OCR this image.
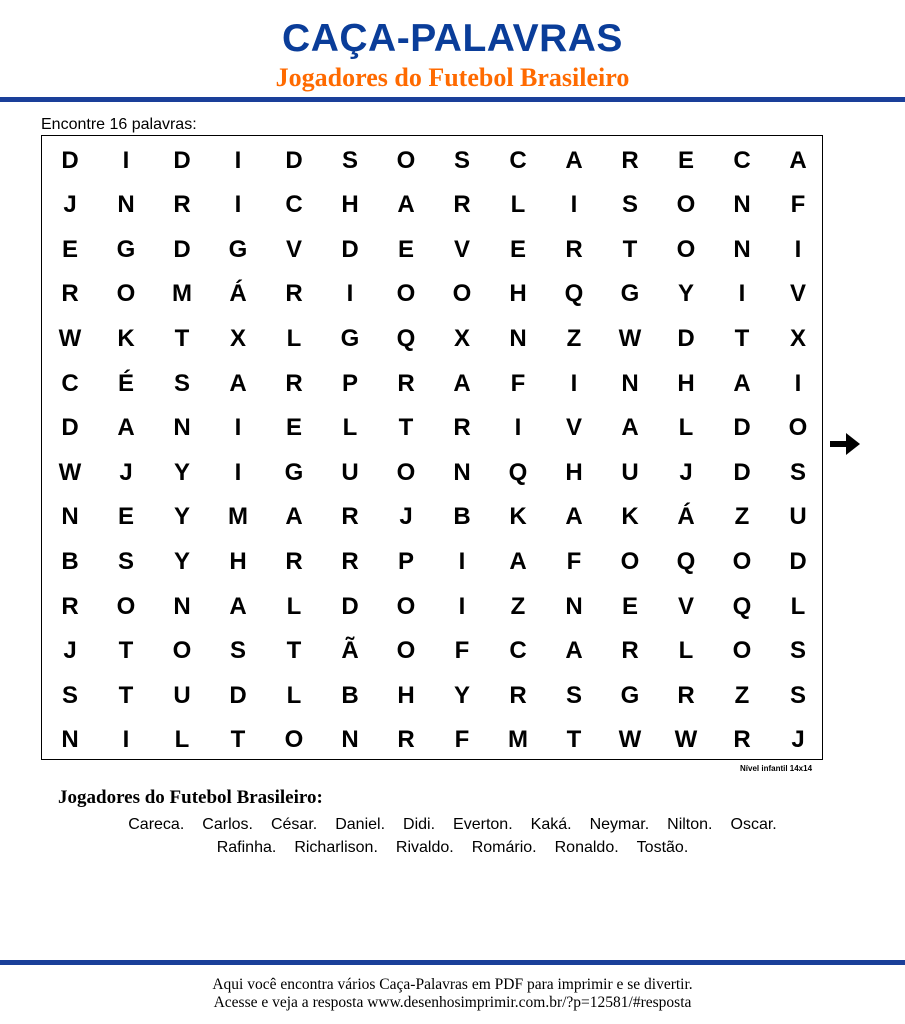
CAÇA-PALAVRAS
Jogadores do Futebol Brasileiro
Encontre 16 palavras:
D	I	D	I	D	S	O	S	C	A	R	E	C	A
J	N	R	I	C	H	A	R	L	I	S	O	N	F
E	G	D	G	V	D	E	V	E	R	T	O	N	I
R	O	M	Á	R	I	O	O	H	Q	G	Y	I	V
W	K	T	X	L	G	Q	X	N	Z	W	D	T	X
C	É	S	A	R	P	R	A	F	I	N	H	A	I
D	A	N	I	E	L	T	R	I	V	A	L	D	O
W	J	Y	I	G	U	O	N	Q	H	U	J	D	S
N	E	Y	M	A	R	J	B	K	A	K	Á	Z	U
B	S	Y	H	R	R	P	I	A	F	O	Q	O	D
R	O	N	A	L	D	O	I	Z	N	E	V	Q	L
J	T	O	S	T	Ã	O	F	C	A	R	L	O	S
S	T	U	D	L	B	H	Y	R	S	G	R	Z	S
N	I	L	T	O	N	R	F	M	T	W	W	R	J
Nível infantil 14x14
Jogadores do Futebol Brasileiro:
Careca. Carlos. César. Daniel. Didi. Everton. Kaká. Neymar. Nilton. Oscar.
Rafinha. Richarlison. Rivaldo. Romário. Ronaldo. Tostão.
Aqui você encontra vários Caça-Palavras em PDF para imprimir e se divertir.
Acesse e veja a resposta www.desenhosimprimir.com.br/?p=12581/#resposta
